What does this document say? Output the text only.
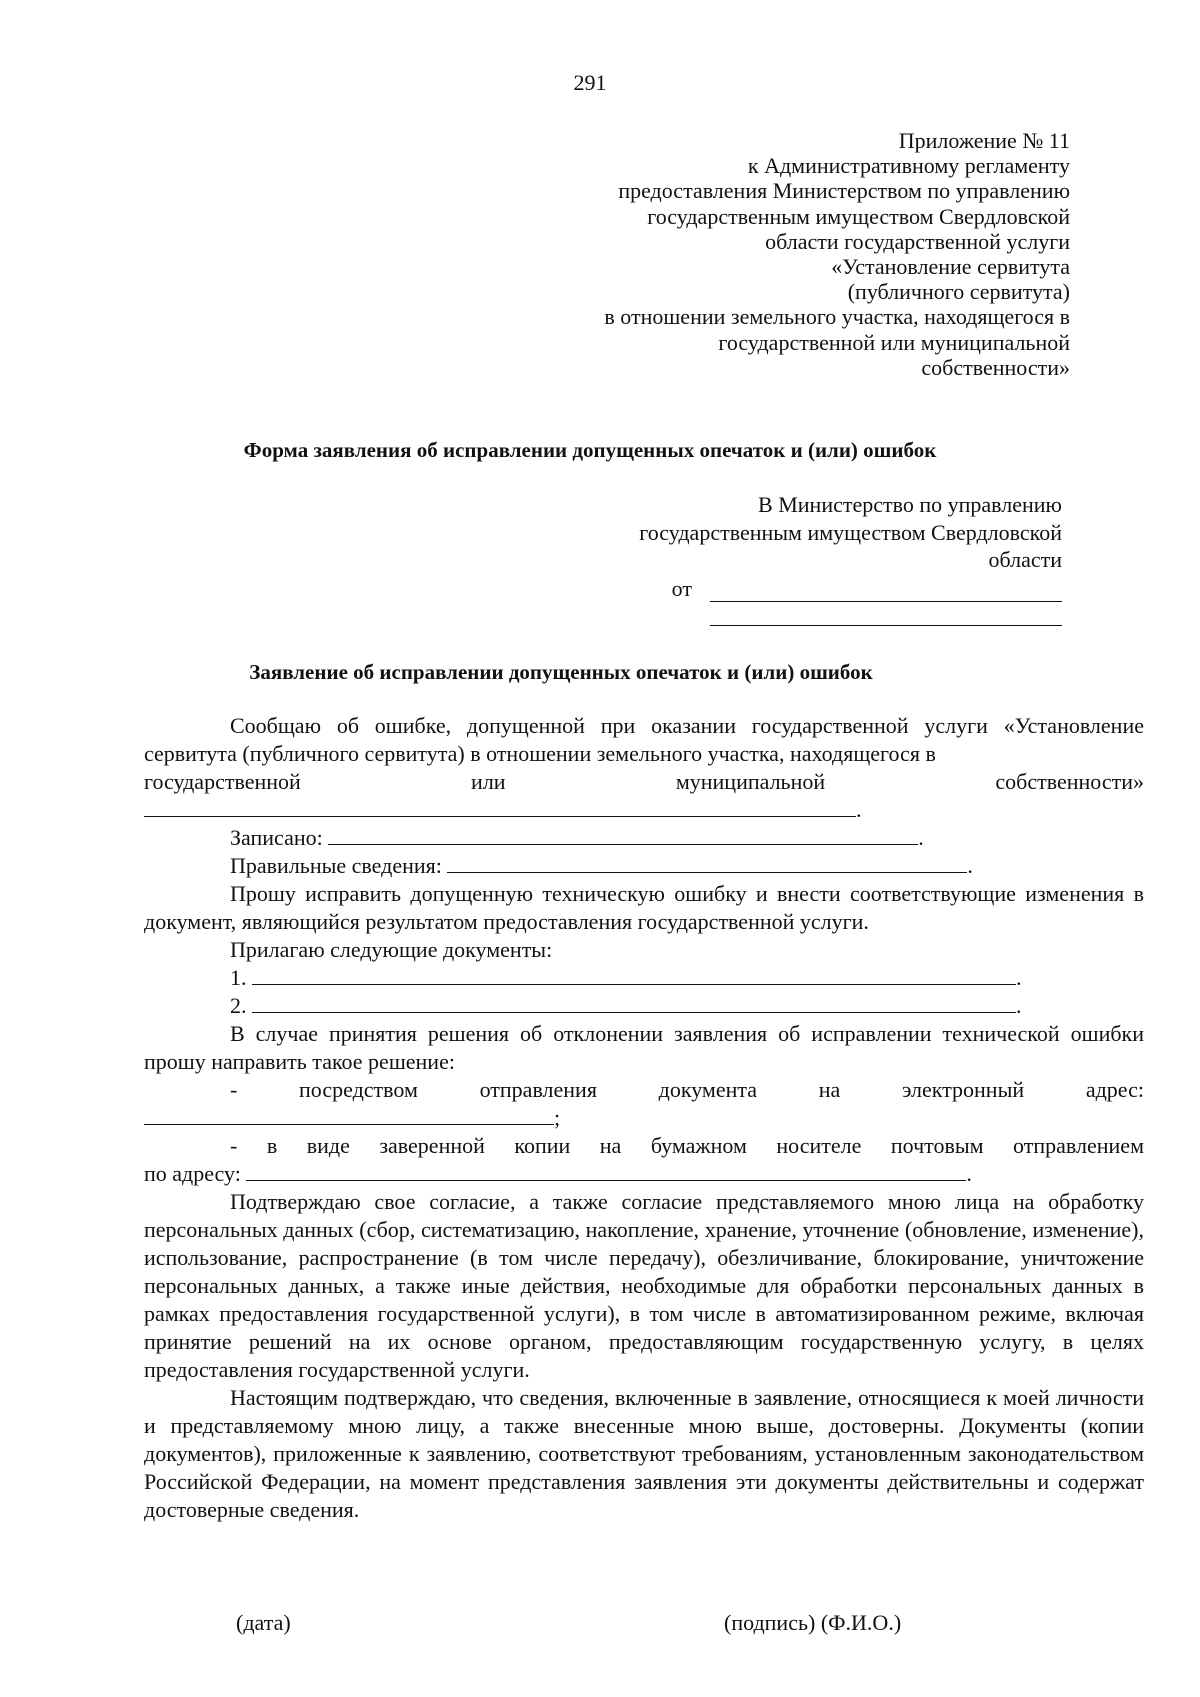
291
Приложение № 11
к Административному регламенту
предоставления Министерством по управлению
государственным имуществом Свердловской
области государственной услуги
«Установление сервитута
(публичного сервитута)
в отношении земельного участка, находящегося в
государственной или муниципальной
собственности»
Форма заявления об исправлении допущенных опечаток и (или) ошибок
В Министерство по управлению
государственным имуществом Свердловской
области
от
Заявление об исправлении допущенных опечаток и (или) ошибок

Сообщаю об ошибке, допущенной при оказании государственной услуги «Установление сервитута (публичного сервитута) в отношении земельного участка, находящегося в

государственной	или	муниципальной	собственности»
.
Записано:	.
Правильные сведения:	.

Прошу исправить допущенную техническую ошибку и внести соответствующие изменения в документ, являющийся результатом предоставления государственной услуги.

Прилагаю следующие документы:
1.	.
2.	.

В случае принятия решения об отклонении заявления об исправлении технической ошибки прошу направить такое решение:

-	посредством	отправления	документа	на	электронный	адрес:
;

- в виде заверенной копии на бумажном носителе почтовым отправлением

по адресу:	.

Подтверждаю свое согласие, а также согласие представляемого мною лица на обработку персональных данных (сбор, систематизацию, накопление, хранение, уточнение (обновление, изменение), использование, распространение (в том числе передачу), обезличивание, блокирование, уничтожение персональных данных, а также иные действия, необходимые для обработки персональных данных в рамках предоставления государственной услуги), в том числе в автоматизированном режиме, включая принятие решений на их основе органом, предоставляющим государственную услугу, в целях предоставления государственной услуги.

Настоящим подтверждаю, что сведения, включенные в заявление, относящиеся к моей личности и представляемому мною лицу, а также внесенные мною выше, достоверны. Документы (копии документов), приложенные к заявлению, соответствуют требованиям, установленным законодательством Российской Федерации, на момент представления заявления эти документы действительны и содержат достоверные сведения.

(дата)	(подпись) (Ф.И.О.)
